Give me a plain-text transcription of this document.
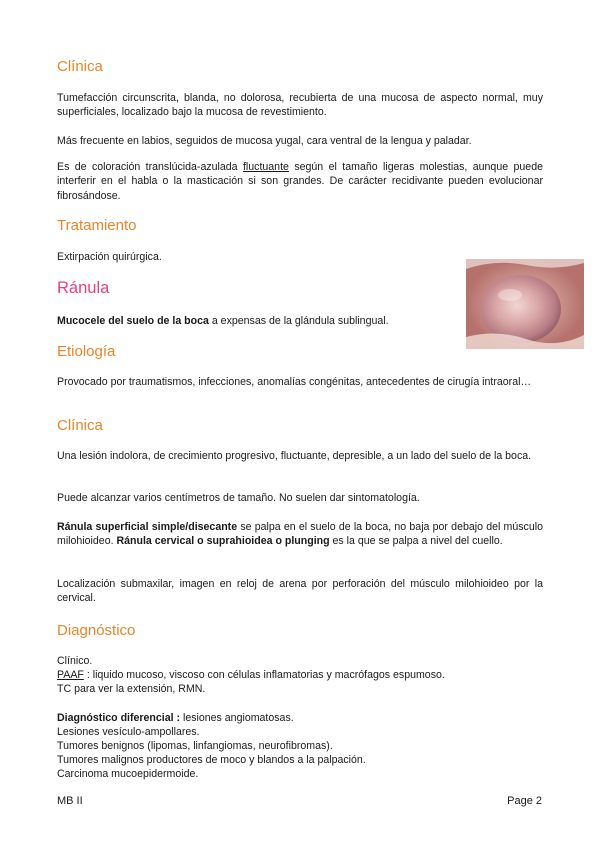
Clínica

Tumefacción circunscrita, blanda, no dolorosa, recubierta de una mucosa de aspecto normal, muy superficiales, localizado bajo la mucosa de revestimiento.

Más frecuente en labios, seguidos de mucosa yugal, cara ventral de la lengua y paladar.

Es de coloración translúcida-azulada fluctuante según el tamaño ligeras molestias, aunque puede interferir en el habla o la masticación si son grandes. De carácter recidivante pueden evolucionar fibrosándose.

Tratamiento

Extirpación quirúrgica.

Ránula

Mucocele del suelo de la boca a expensas de la glándula sublingual.

Etiología

Provocado por traumatismos, infecciones, anomalías congénitas, antecedentes de cirugía intraoral…

Clínica

Una lesión indolora, de crecimiento progresivo, fluctuante, depresible, a un lado del suelo de la boca.

Puede alcanzar varios centímetros de tamaño. No suelen dar sintomatología.

Ránula superficial simple/disecante se palpa en el suelo de la boca, no baja por debajo del músculo milohioideo. Ránula cervical o suprahioidea o plunging es la que se palpa a nivel del cuello.

Localización submaxilar, imagen en reloj de arena por perforación del músculo milohioideo por la cervical.

Diagnóstico

Clínico.

PAAF : liquido mucoso, viscoso con células inflamatorias y macrófagos espumoso.

TC para ver la extensión, RMN.

Diagnóstico diferencial : lesiones angiomatosas.

Lesiones vesículo-ampollares.

Tumores benignos (lipomas, linfangiomas, neurofibromas).

Tumores malignos productores de moco y blandos a la palpación.

Carcinoma mucoepidermoide.

MB II	Page 2
